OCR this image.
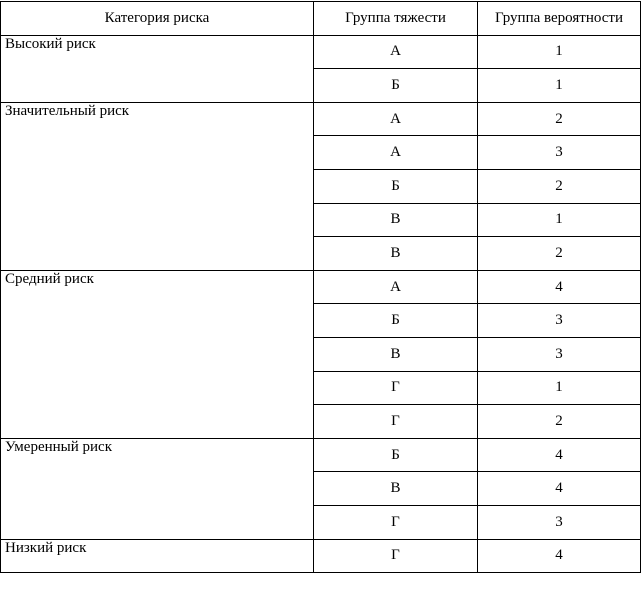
Категория риска	Группа тяжести	Группа вероятности
Высокий риск	А	1
	Б	1
Значительный риск	А	2
	А	3
	Б	2
	В	1
	В	2
Средний риск	А	4
	Б	3
	В	3
	Г	1
	Г	2
Умеренный риск	Б	4
	В	4
	Г	3
Низкий риск	Г	4
